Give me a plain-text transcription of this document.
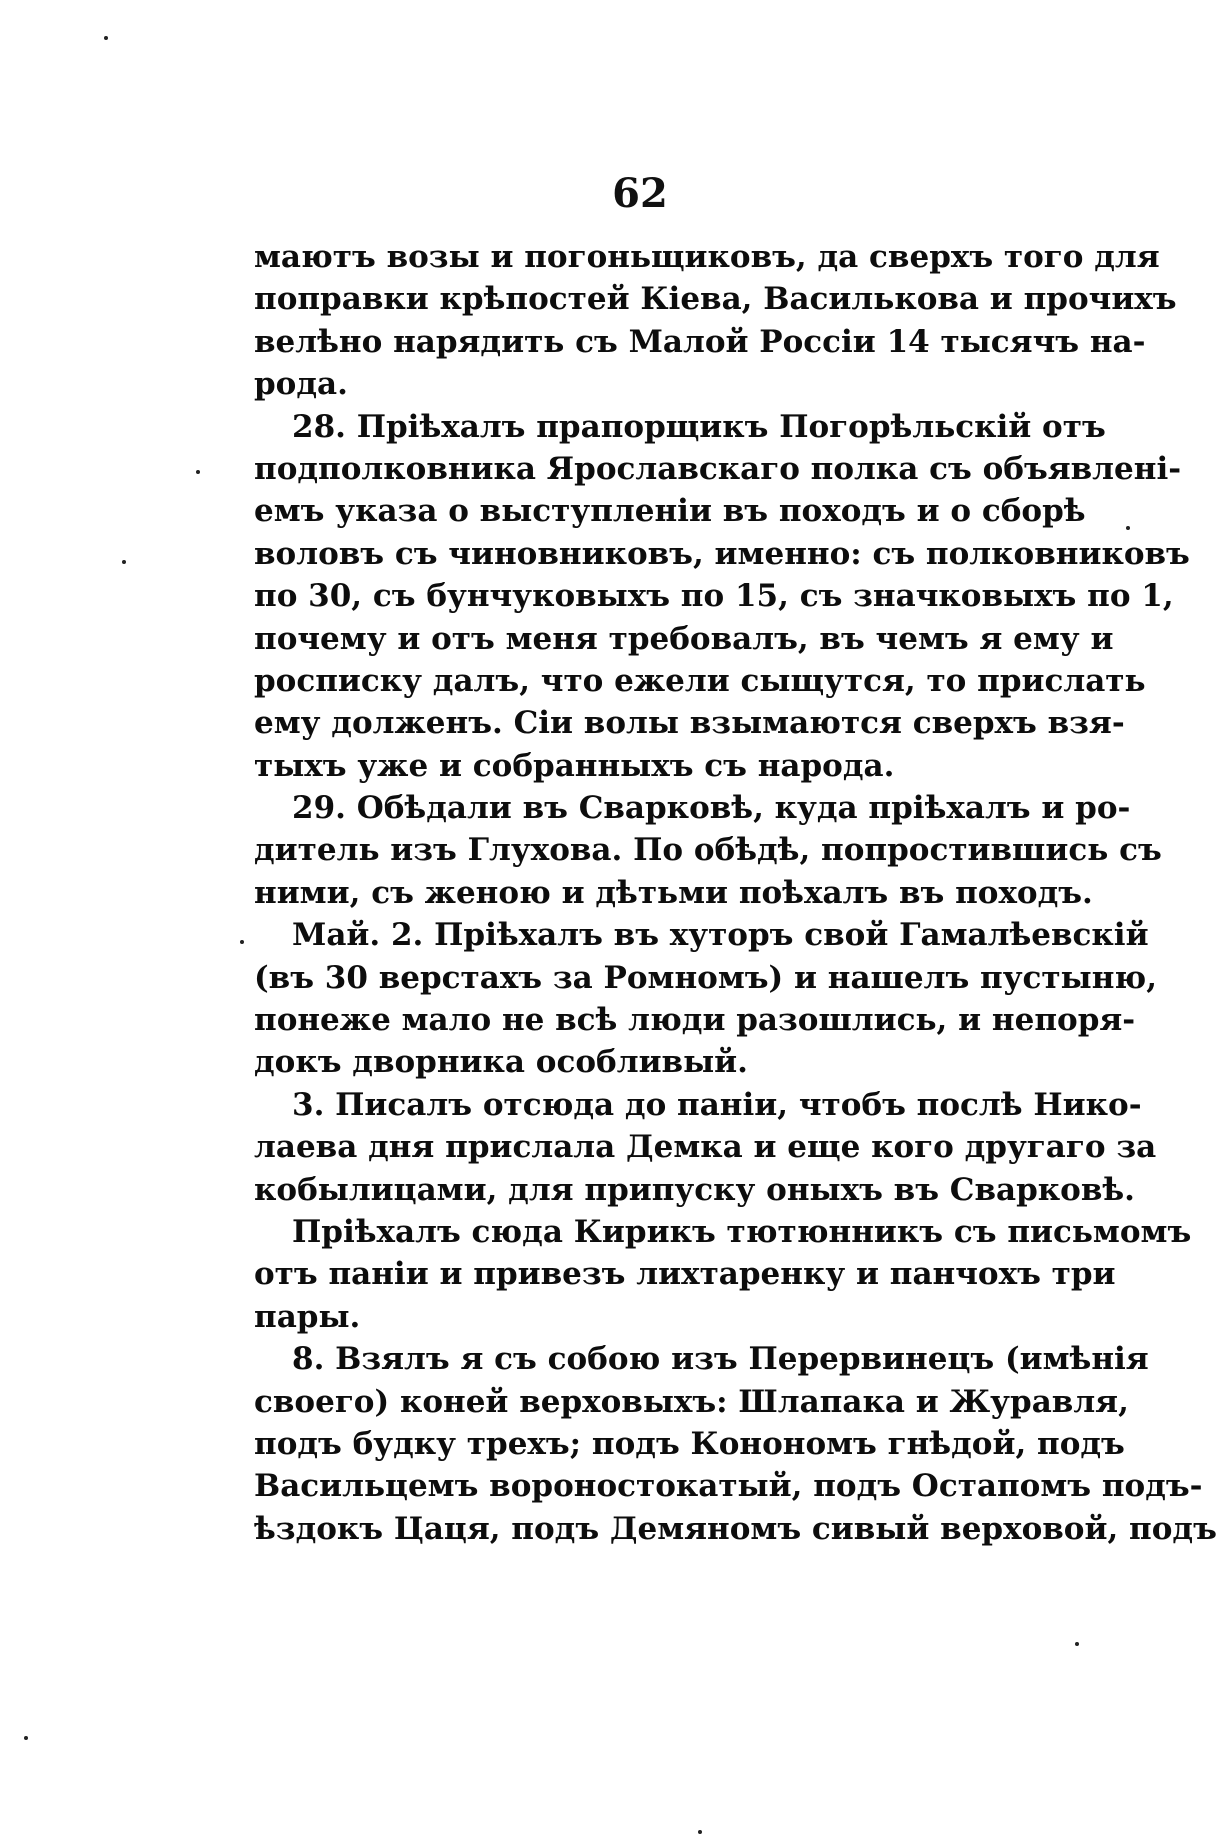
62
маютъ возы и погоньщиковъ, да сверхъ того для
поправки крѣпостей Кіева, Василькова и прочихъ
велѣно нарядить съ Малой Россіи 14 тысячъ на-
рода.
28. Пріѣхалъ прапорщикъ Погорѣльскій отъ
подполковника Ярославскаго полка съ объявленi-
емъ указа о выступленіи въ походъ и о сборѣ
воловъ съ чиновниковъ, именно: съ полковниковъ
по 30, съ бунчуковыхъ по 15, съ значковыхъ по 1,
почему и отъ меня требовалъ, въ чемъ я ему и
росписку далъ, что ежели сыщутся, то прислать
ему долженъ. Сіи волы взымаются сверхъ взя-
тыхъ уже и собранныхъ съ народа.
29. Обѣдали въ Сварковѣ, куда пріѣхалъ и ро-
дитель изъ Глухова. По обѣдѣ, попростившись съ
ними, съ женою и дѣтьми поѣхалъ въ походъ.
Май. 2. Пріѣхалъ въ хуторъ свой Гамалѣевскій
(въ 30 верстахъ за Ромномъ) и нашелъ пустыню,
понеже мало не всѣ люди разошлись, и непоря-
докъ дворника особливый.
3. Писалъ отсюда до паніи, чтобъ послѣ Нико-
лаева дня прислала Демка и еще кого другаго за
кобылицами, для припуску оныхъ въ Сварковѣ.
Пріѣхалъ сюда Кирикъ тютюнникъ съ письмомъ
отъ паніи и привезъ лихтаренку и панчохъ три
пары.
8. Взялъ я съ собою изъ Перервинецъ (имѣнія
своего) коней верховыхъ: Шлапака и Журавля,
подъ будку трехъ; подъ Конономъ гнѣдой, подъ
Васильцемъ вороностокатый, подъ Остапомъ подъ-
ѣздокъ Цаця, подъ Демяномъ сивый верховой, подъ
